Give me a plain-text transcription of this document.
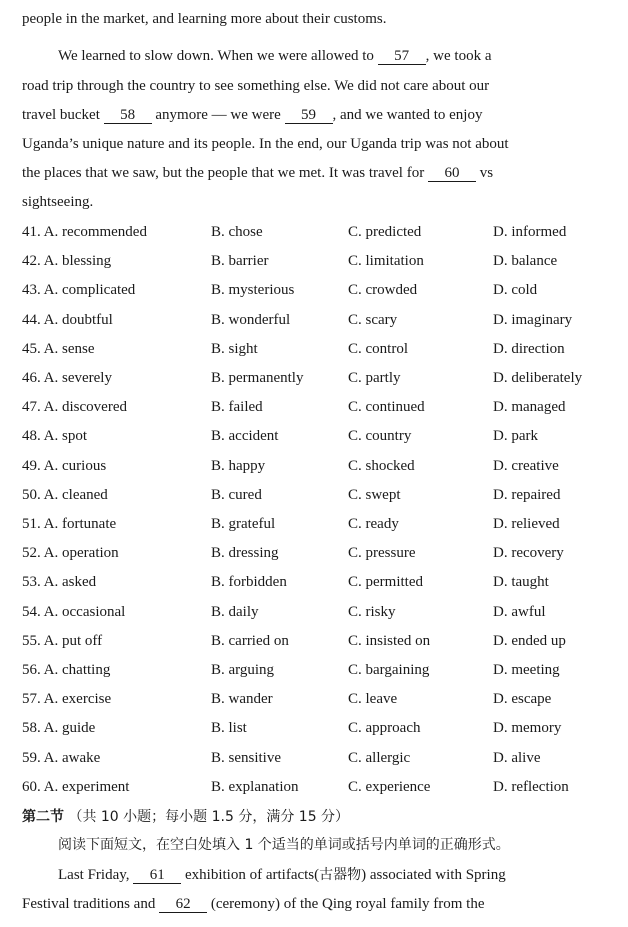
people in the market, and learning more about their customs.
We learned to slow down. When we were allowed to 57 , we took a
road trip through the country to see something else. We did not care about our
travel bucket 58 anymore — we were 59 , and we wanted to enjoy
Uganda’s unique nature and its people. In the end, our Uganda trip was not about
the places that we saw, but the people that we met. It was travel for 60 vs
sightseeing.
41. A. recommended	B. chose	C. predicted	D. informed
42. A. blessing	B. barrier	C. limitation	D. balance
43. A. complicated	B. mysterious	C. crowded	D. cold
44. A. doubtful	B. wonderful	C. scary	D. imaginary
45. A. sense	B. sight	C. control	D. direction
46. A. severely	B. permanently	C. partly	D. deliberately
47. A. discovered	B. failed	C. continued	D. managed
48. A. spot	B. accident	C. country	D. park
49. A. curious	B. happy	C. shocked	D. creative
50. A. cleaned	B. cured	C. swept	D. repaired
51. A. fortunate	B. grateful	C. ready	D. relieved
52. A. operation	B. dressing	C. pressure	D. recovery
53. A. asked	B. forbidden	C. permitted	D. taught
54. A. occasional	B. daily	C. risky	D. awful
55. A. put off	B. carried on	C. insisted on	D. ended up
56. A. chatting	B. arguing	C. bargaining	D. meeting
57. A. exercise	B. wander	C. leave	D. escape
58. A. guide	B. list	C. approach	D. memory
59. A. awake	B. sensitive	C. allergic	D. alive
60. A. experiment	B. explanation	C. experience	D. reflection
第二节 （共 10 小题；每小题 1.5 分，满分 15 分）
阅读下面短文，在空白处填入 1 个适当的单词或括号内单词的正确形式。
Last Friday, 61 exhibition of artifacts(古器物) associated with Spring
Festival traditions and 62 (ceremony) of the Qing royal family from the
